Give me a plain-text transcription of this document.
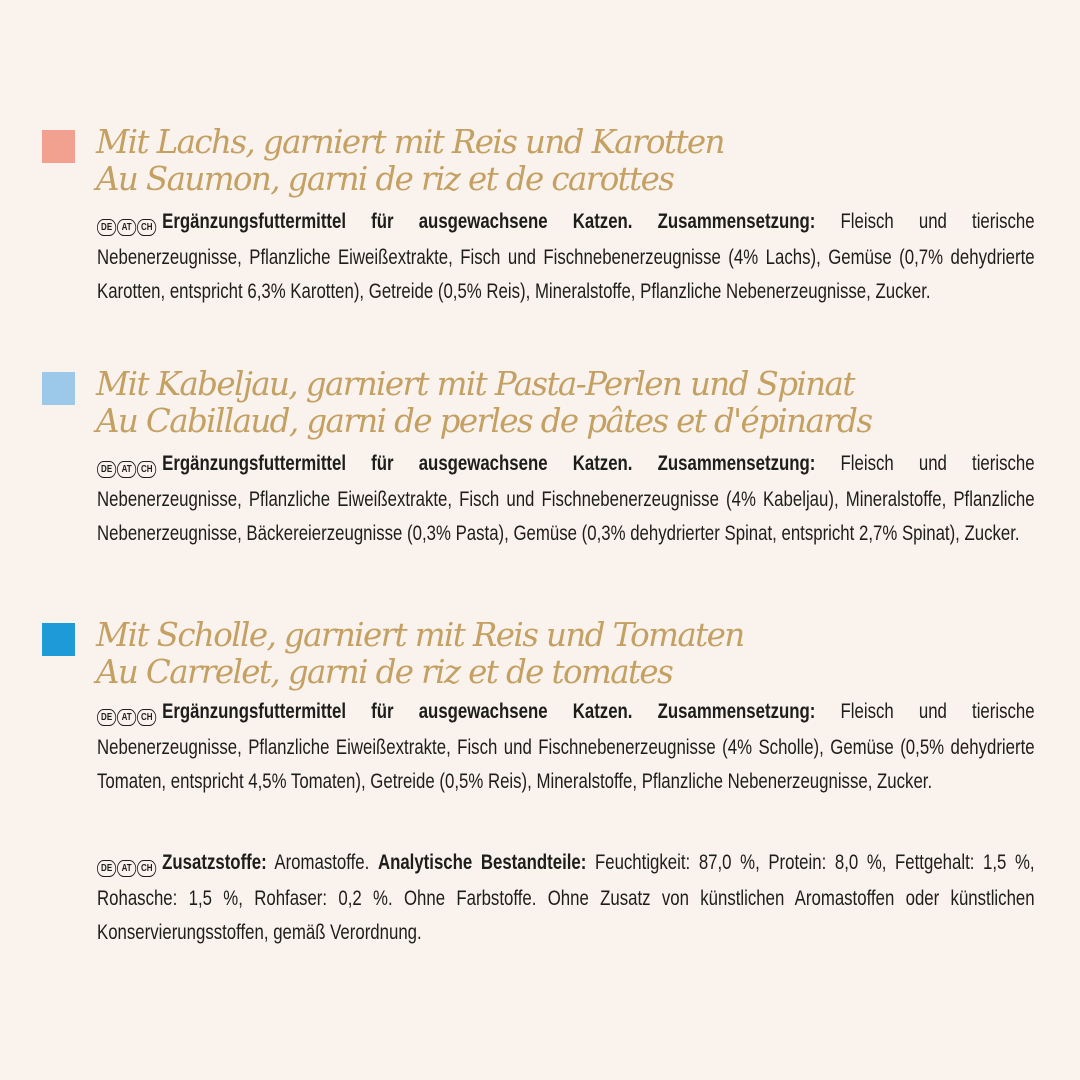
Mit Lachs, garniert mit Reis und Karotten
Au Saumon, garni de riz et de carottes
DE AT CH Ergänzungsfuttermittel für ausgewachsene Katzen. Zusammensetzung: Fleisch und tierische Nebenerzeugnisse, Pflanzliche Eiweißextrakte, Fisch und Fischnebenerzeugnisse (4% Lachs), Gemüse (0,7% dehydrierte Karotten, entspricht 6,3% Karotten), Getreide (0,5% Reis), Mineralstoffe, Pflanzliche Nebenerzeugnisse, Zucker.
Mit Kabeljau, garniert mit Pasta-Perlen und Spinat
Au Cabillaud, garni de perles de pâtes et d'épinards
DE AT CH Ergänzungsfuttermittel für ausgewachsene Katzen. Zusammensetzung: Fleisch und tierische Nebenerzeugnisse, Pflanzliche Eiweißextrakte, Fisch und Fischnebenerzeugnisse (4% Kabeljau), Mineralstoffe, Pflanzliche Nebenerzeugnisse, Bäckereierzeugnisse (0,3% Pasta), Gemüse (0,3% dehydrierter Spinat, entspricht 2,7% Spinat), Zucker.
Mit Scholle, garniert mit Reis und Tomaten
Au Carrelet, garni de riz et de tomates
DE AT CH Ergänzungsfuttermittel für ausgewachsene Katzen. Zusammensetzung: Fleisch und tierische Nebenerzeugnisse, Pflanzliche Eiweißextrakte, Fisch und Fischnebenerzeugnisse (4% Scholle), Gemüse (0,5% dehydrierte Tomaten, entspricht 4,5% Tomaten), Getreide (0,5% Reis), Mineralstoffe, Pflanzliche Nebenerzeugnisse, Zucker.
DE AT CH Zusatzstoffe: Aromastoffe. Analytische Bestandteile: Feuchtigkeit: 87,0 %, Protein: 8,0 %, Fettgehalt: 1,5 %, Rohasche: 1,5 %, Rohfaser: 0,2 %. Ohne Farbstoffe. Ohne Zusatz von künstlichen Aromastoffen oder künstlichen Konservierungsstoffen, gemäß Verordnung.
